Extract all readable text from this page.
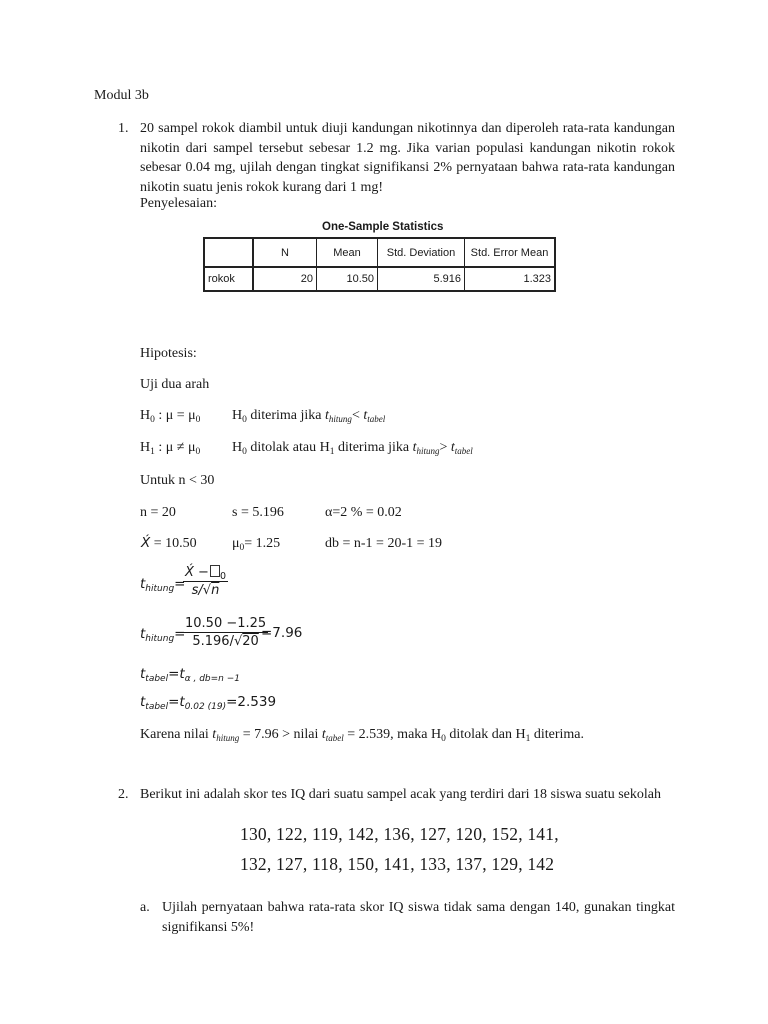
Modul 3b
1. 20 sampel rokok diambil untuk diuji kandungan nikotinnya dan diperoleh rata-rata kandungan nikotin dari sampel tersebut sebesar 1.2 mg. Jika varian populasi kandungan nikotin rokok sebesar 0.04 mg, ujilah dengan tingkat signifikansi 2% pernyataan bahwa rata-rata kandungan nikotin suatu jenis rokok kurang dari 1 mg!
Penyelesaian:
One-Sample Statistics
	N	Mean	Std. Deviation	Std. Error Mean
rokok	20	10.50	5.916	1.323
Hipotesis:
Uji dua arah
$H_0$ : $\mu = \mu_0$ $H_0$ diterima jika $t_{hitung}< t_{tabel}$
$H_1$ : $\mu \ne \mu_0$ $H_0$ ditolak atau $H_1$ diterima jika $t_{hitung}> t_{tabel}$
Untuk n < 30
n = 20	s = 5.196	α=2 % = 0.02
X́ = 10.50	$\mu_0= 1.25$	db = n-1 = 20-1 = 19
$t_{hitung}=$
$\frac{X́ - _0}{s/√n}$
$t_{hitung}=$
$\frac{10.50 -1.25}{5.196/√20}$
=7.96
$t_{tabel}=t_{\alpha , db=n -1}$
$t_{tabel}=t_{0.02 (19)}=2.539$
Karena nilai $t_{hitung} = 7.96$ > nilai $t_{tabel} = 2.539$, maka $H_0$ ditolak dan $H_1$ diterima.
2. Berikut ini adalah skor tes IQ dari suatu sampel acak yang terdiri dari 18 siswa suatu sekolah
130, 122, 119, 142, 136, 127, 120, 152, 141,
132, 127, 118, 150, 141, 133, 137, 129, 142
a. Ujilah pernyataan bahwa rata-rata skor IQ siswa tidak sama dengan 140, gunakan tingkat signifikansi 5%!
